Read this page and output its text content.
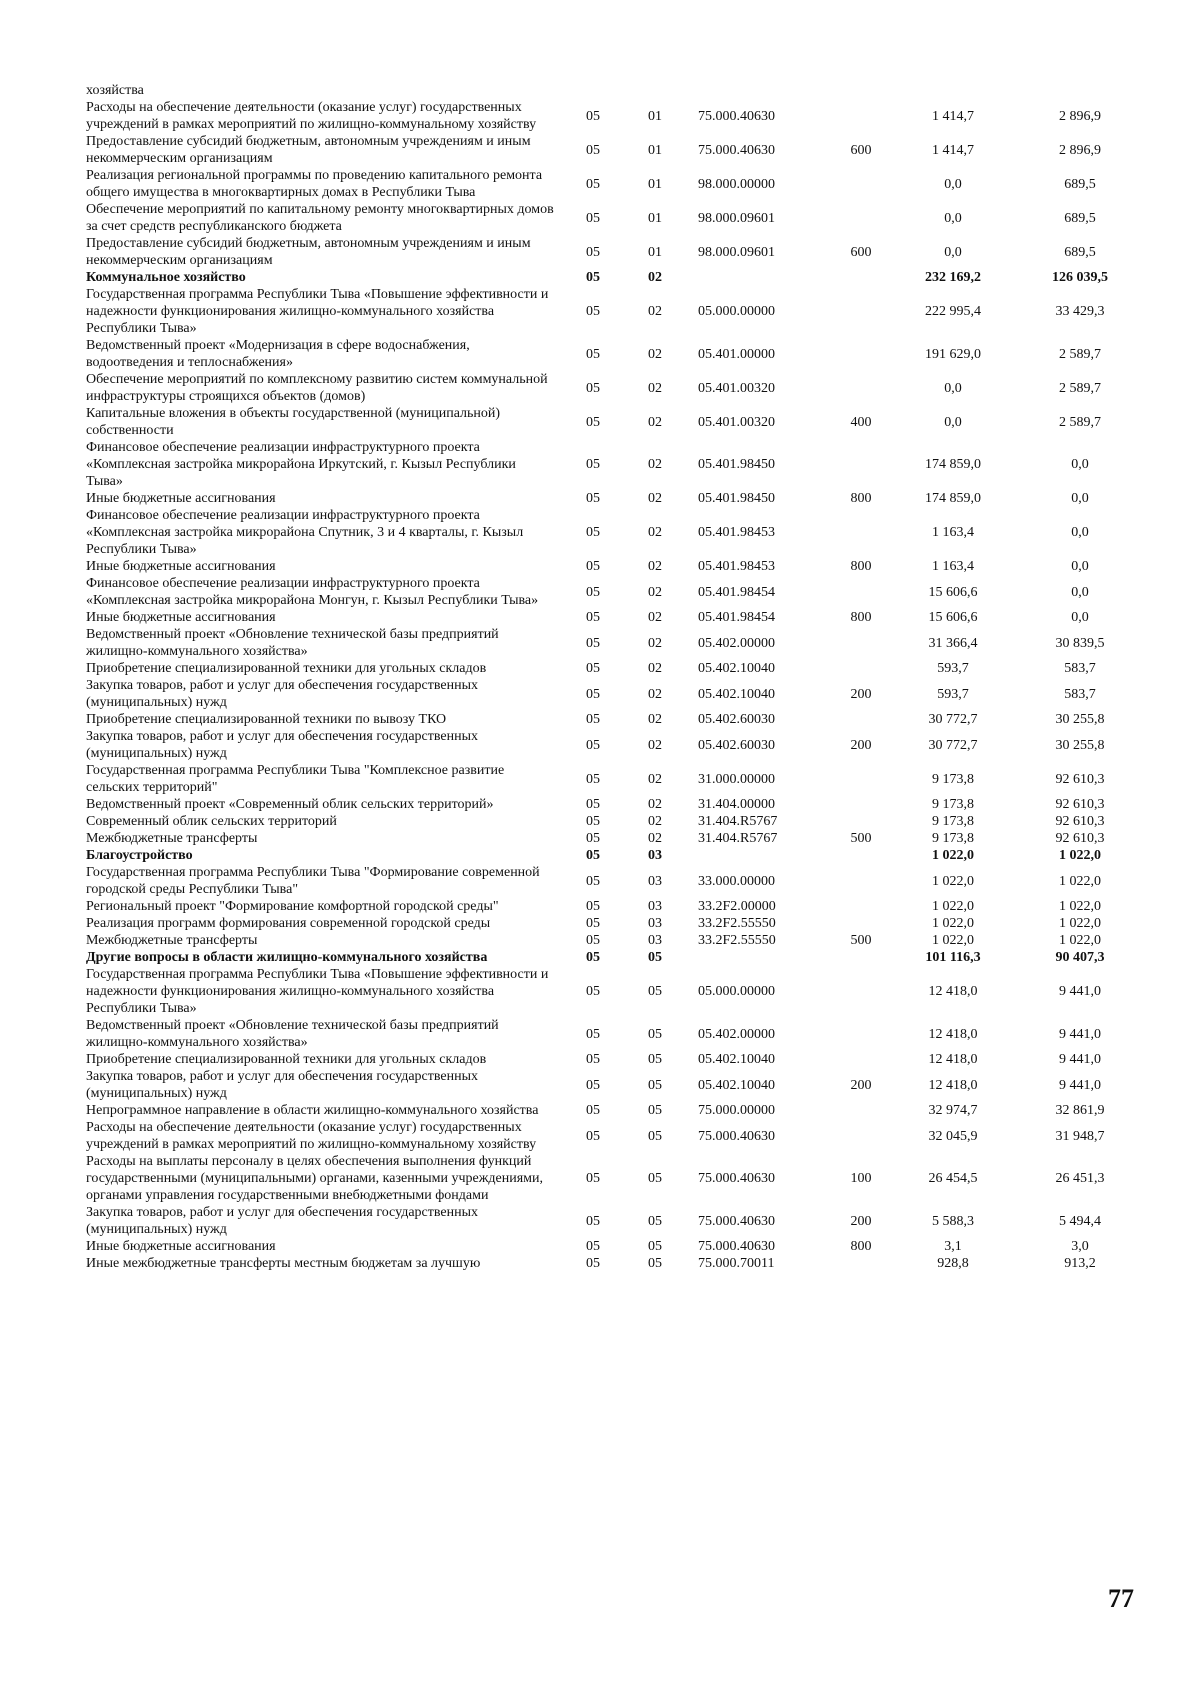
хозяйства						
Расходы на обеспечение деятельности (оказание услуг) государственных учреждений в рамках мероприятий по жилищно-коммунальному хозяйству	05	01	75.000.40630		1 414,7	2 896,9
Предоставление субсидий бюджетным, автономным учреждениям и иным некоммерческим организациям	05	01	75.000.40630	600	1 414,7	2 896,9
Реализация региональной программы по проведению капитального ремонта общего имущества в многоквартирных домах в Республики Тыва	05	01	98.000.00000		0,0	689,5
Обеспечение мероприятий по капитальному ремонту многоквартирных домов за счет средств республиканского бюджета	05	01	98.000.09601		0,0	689,5
Предоставление субсидий бюджетным, автономным учреждениям и иным некоммерческим организациям	05	01	98.000.09601	600	0,0	689,5
Коммунальное хозяйство	05	02			232 169,2	126 039,5
Государственная программа Республики Тыва «Повышение эффективности и надежности функционирования жилищно-коммунального хозяйства Республики Тыва»	05	02	05.000.00000		222 995,4	33 429,3
Ведомственный проект «Модернизация в сфере водоснабжения, водоотведения и теплоснабжения»	05	02	05.401.00000		191 629,0	2 589,7
Обеспечение мероприятий по комплексному развитию систем коммунальной инфраструктуры строящихся объектов (домов)	05	02	05.401.00320		0,0	2 589,7
Капитальные вложения в объекты государственной (муниципальной) собственности	05	02	05.401.00320	400	0,0	2 589,7
Финансовое обеспечение реализации инфраструктурного проекта «Комплексная застройка микрорайона Иркутский, г. Кызыл Республики Тыва»	05	02	05.401.98450		174 859,0	0,0
Иные бюджетные ассигнования	05	02	05.401.98450	800	174 859,0	0,0
Финансовое обеспечение реализации инфраструктурного проекта «Комплексная застройка микрорайона Спутник, 3 и 4 кварталы, г. Кызыл Республики Тыва»	05	02	05.401.98453		1 163,4	0,0
Иные бюджетные ассигнования	05	02	05.401.98453	800	1 163,4	0,0
Финансовое обеспечение реализации инфраструктурного проекта «Комплексная застройка микрорайона Монгун, г. Кызыл Республики Тыва»	05	02	05.401.98454		15 606,6	0,0
Иные бюджетные ассигнования	05	02	05.401.98454	800	15 606,6	0,0
Ведомственный проект «Обновление технической базы предприятий жилищно-коммунального хозяйства»	05	02	05.402.00000		31 366,4	30 839,5
Приобретение специализированной техники для угольных складов	05	02	05.402.10040		593,7	583,7
Закупка товаров, работ и услуг для обеспечения государственных (муниципальных) нужд	05	02	05.402.10040	200	593,7	583,7
Приобретение специализированной техники по вывозу ТКО	05	02	05.402.60030		30 772,7	30 255,8
Закупка товаров, работ и услуг для обеспечения государственных (муниципальных) нужд	05	02	05.402.60030	200	30 772,7	30 255,8
Государственная программа Республики Тыва "Комплексное развитие сельских территорий"	05	02	31.000.00000		9 173,8	92 610,3
Ведомственный проект «Современный облик сельских территорий»	05	02	31.404.00000		9 173,8	92 610,3
Современный облик сельских территорий	05	02	31.404.R5767		9 173,8	92 610,3
Межбюджетные трансферты	05	02	31.404.R5767	500	9 173,8	92 610,3
Благоустройство	05	03			1 022,0	1 022,0
Государственная программа Республики Тыва "Формирование современной городской среды Республики Тыва"	05	03	33.000.00000		1 022,0	1 022,0
Региональный проект "Формирование комфортной городской среды"	05	03	33.2F2.00000		1 022,0	1 022,0
Реализация программ формирования современной городской среды	05	03	33.2F2.55550		1 022,0	1 022,0
Межбюджетные трансферты	05	03	33.2F2.55550	500	1 022,0	1 022,0
Другие вопросы в области жилищно-коммунального хозяйства	05	05			101 116,3	90 407,3
Государственная программа Республики Тыва «Повышение эффективности и надежности функционирования жилищно-коммунального хозяйства Республики Тыва»	05	05	05.000.00000		12 418,0	9 441,0
Ведомственный проект «Обновление технической базы предприятий жилищно-коммунального хозяйства»	05	05	05.402.00000		12 418,0	9 441,0
Приобретение специализированной техники для угольных складов	05	05	05.402.10040		12 418,0	9 441,0
Закупка товаров, работ и услуг для обеспечения государственных (муниципальных) нужд	05	05	05.402.10040	200	12 418,0	9 441,0
Непрограммное направление в области жилищно-коммунального хозяйства	05	05	75.000.00000		32 974,7	32 861,9
Расходы на обеспечение деятельности (оказание услуг) государственных учреждений в рамках мероприятий по жилищно-коммунальному хозяйству	05	05	75.000.40630		32 045,9	31 948,7
Расходы на выплаты персоналу в целях обеспечения выполнения функций государственными (муниципальными) органами, казенными учреждениями, органами управления государственными внебюджетными фондами	05	05	75.000.40630	100	26 454,5	26 451,3
Закупка товаров, работ и услуг для обеспечения государственных (муниципальных) нужд	05	05	75.000.40630	200	5 588,3	5 494,4
Иные бюджетные ассигнования	05	05	75.000.40630	800	3,1	3,0
Иные межбюджетные трансферты местным бюджетам за лучшую	05	05	75.000.70011		928,8	913,2
77
